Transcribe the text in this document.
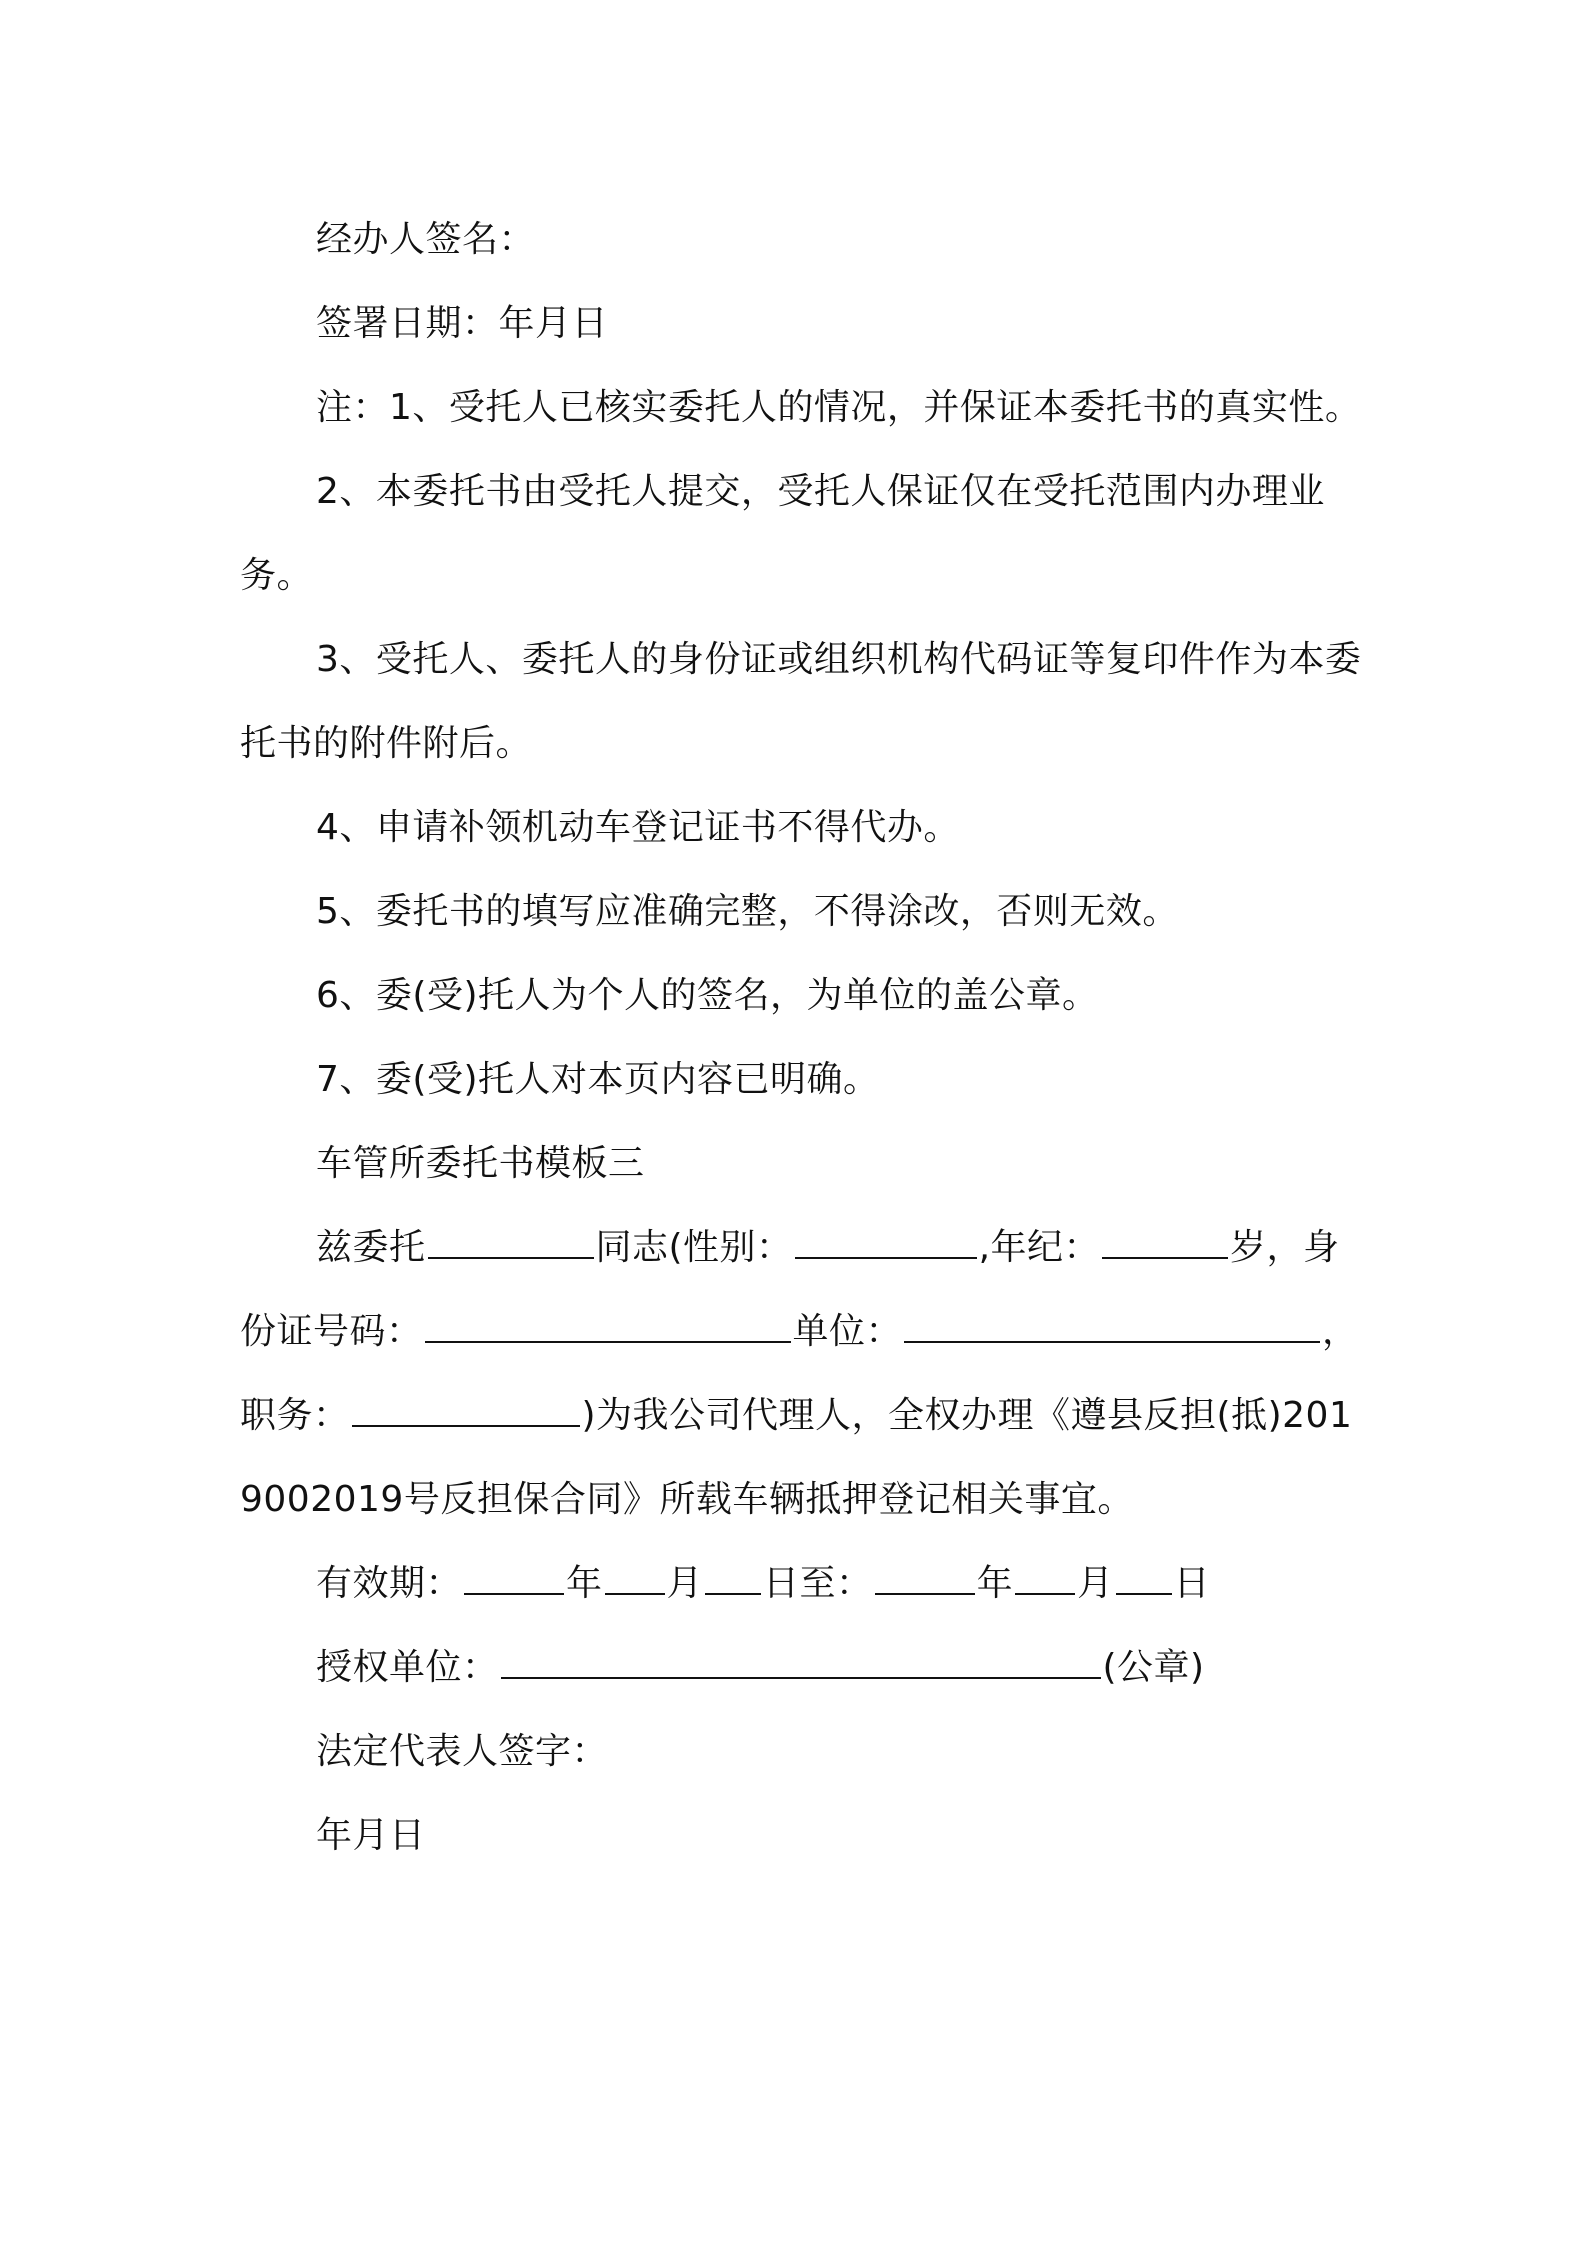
经办人签名：
签署日期：年月日
注：1、受托人已核实委托人的情况，并保证本委托书的真实性。
2、本委托书由受托人提交，受托人保证仅在受托范围内办理业务。
3、受托人、委托人的身份证或组织机构代码证等复印件作为本委托书的附件附后。
4、申请补领机动车登记证书不得代办。
5、委托书的填写应准确完整，不得涂改，否则无效。
6、委(受)托人为个人的签名，为单位的盖公章。
7、委(受)托人对本页内容已明确。
车管所委托书模板三
兹委托	同志(性别：	,年纪：	岁，身份证号码：	单位：	，职务：	)为我公司代理人，全权办理《遵县反担(抵)2019002019号反担保合同》所载车辆抵押登记相关事宜。
有效期：	年 月 日至：	年 月 日
授权单位：	(公章)
法定代表人签字：
年月日
